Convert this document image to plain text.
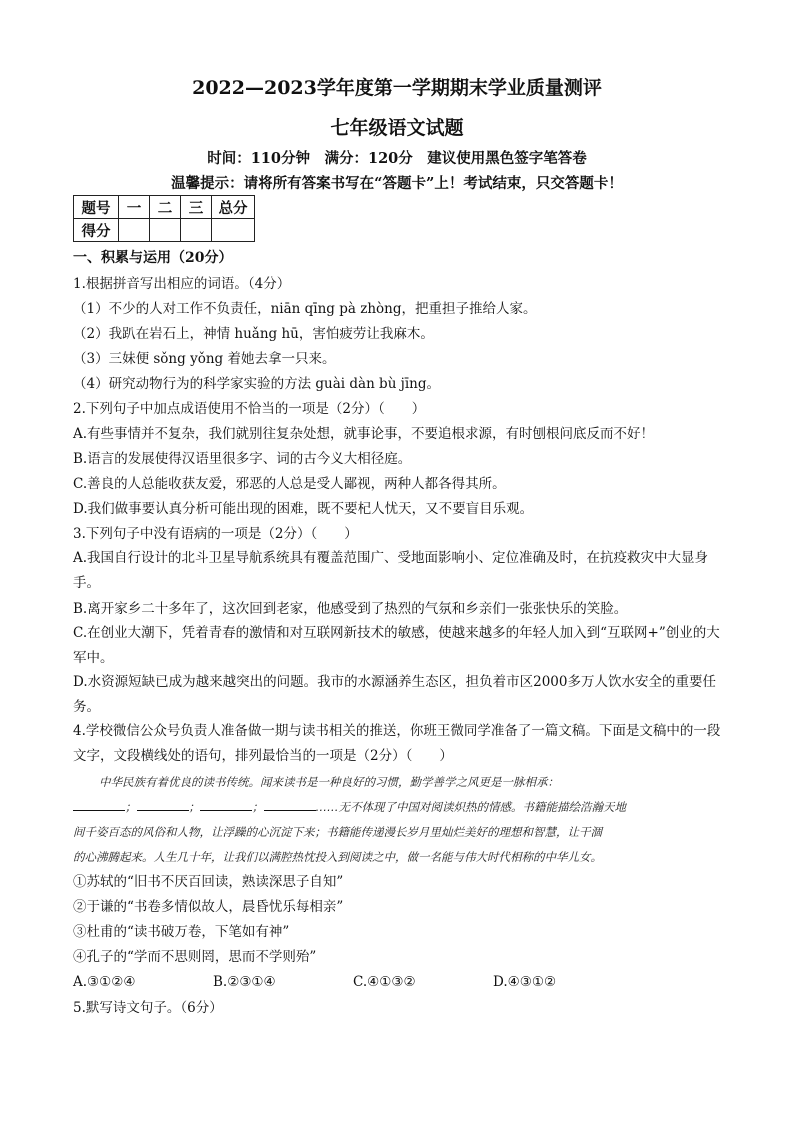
2022—2023学年度第一学期期末学业质量测评
七年级语文试题
时间：110分钟　满分：120分　建议使用黑色签字笔答卷
温馨提示：请将所有答案书写在“答题卡”上！考试结束，只交答题卡！
题号	一	二	三	总分
得分				
一、积累与运用（20分）
1.根据拼音写出相应的词语。（4分）
（1）不少的人对工作不负责任，niān qīng pà zhòng，把重担子推给人家。
（2）我趴在岩石上，神情 huǎng hū，害怕疲劳让我麻木。
（3）三妹便 sǒng yǒng 着她去拿一只来。
（4）研究动物行为的科学家实验的方法 guài dàn bù jīng。
2.下列句子中加点成语使用不恰当的一项是（2分）（　　）
A.有些事情并不复杂，我们就别往复杂处想，就事论事，不要追根求源，有时刨根问底反而不好！
B.语言的发展使得汉语里很多字、词的古今义大相径庭。
C.善良的人总能收获友爱，邪恶的人总是受人鄙视，两种人都各得其所。
D.我们做事要认真分析可能出现的困难，既不要杞人忧天，又不要盲目乐观。
3.下列句子中没有语病的一项是（2分）（　　）
A.我国自行设计的北斗卫星导航系统具有覆盖范围广、受地面影响小、定位准确及时，在抗疫救灾中大显身手。
B.离开家乡二十多年了，这次回到老家，他感受到了热烈的气氛和乡亲们一张张快乐的笑脸。
C.在创业大潮下，凭着青春的激情和对互联网新技术的敏感，使越来越多的年轻人加入到“互联网+”创业的大军中。
D.水资源短缺已成为越来越突出的问题。我市的水源涵养生态区，担负着市区2000多万人饮水安全的重要任务。
4.学校微信公众号负责人准备做一期与读书相关的推送，你班王微同学准备了一篇文稿。下面是文稿中的一段文字，文段横线处的语句，排列最恰当的一项是（2分）（　　）
中华民族有着优良的读书传统。闻来读书是一种良好的习惯，勤学善学之风更是一脉相承：
；	；	；	……无不体现了中国对阅读炽热的情感。书籍能描绘浩瀚天地
间千姿百态的风俗和人物，让浮躁的心沉淀下来；书籍能传递漫长岁月里灿烂美好的理想和智慧，让干涸
的心沸腾起来。人生几十年，让我们以满腔热忱投入到阅读之中，做一名能与伟大时代相称的中华儿女。
①苏轼的“旧书不厌百回读，熟读深思子自知”
②于谦的“书卷多情似故人，晨昏忧乐每相亲”
③杜甫的“读书破万卷，下笔如有神”
④孔子的“学而不思则罔，思而不学则殆”
A.③①②④	B.②③①④	C.④①③②	D.④③①②
5.默写诗文句子。（6分）
